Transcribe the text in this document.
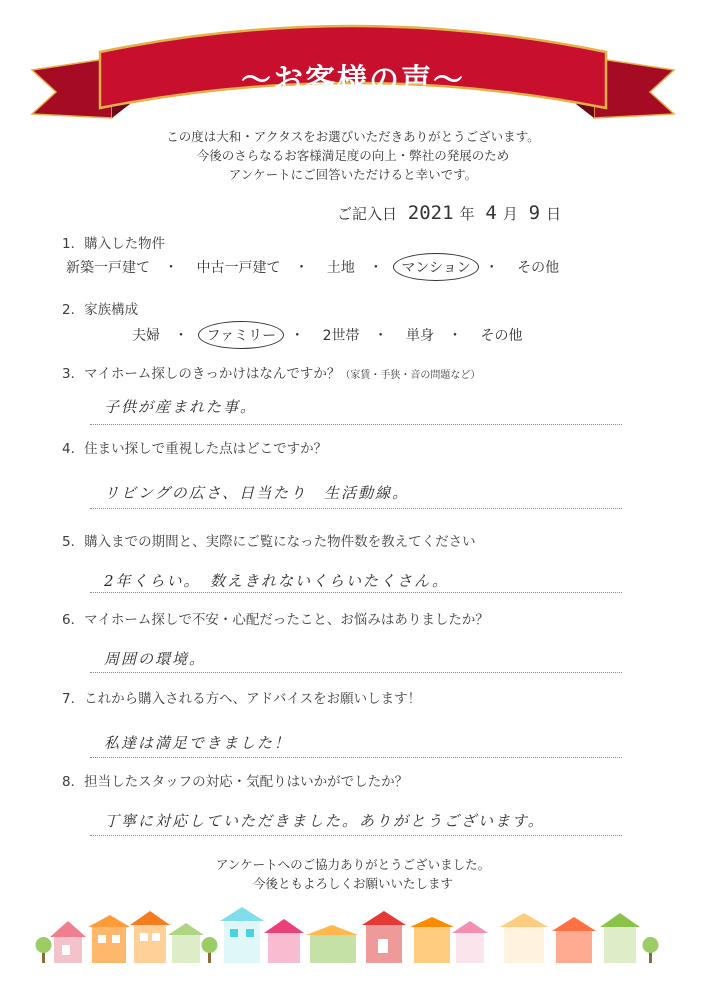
〜お客様の声〜
この度は大和・アクタスをお選びいただきありがとうございます。
今後のさらなるお客様満足度の向上・弊社の発展のため
アンケートにご回答いただけると幸いです。
ご記入日 2021 年 4 月 9 日
1．購入した物件
新築一戸建て ・ 中古一戸建て ・ 土地 ・ マンション ・ その他
2．家族構成
夫婦 ・ ファミリー ・ 2世帯 ・ 単身 ・ その他
3．マイホーム探しのきっかけはなんですか？（家賃・手狭・音の問題など）
子供が産まれた事。
4．住まい探しで重視した点はどこですか？
リビングの広さ、日当たり　生活動線。
5．購入までの期間と、実際にご覧になった物件数を教えてください
2年くらい。　数えきれないくらいたくさん。
6．マイホーム探しで不安・心配だったこと、お悩みはありましたか？
周囲の環境。
7．これから購入される方へ、アドバイスをお願いします！
私達は満足できました！
8．担当したスタッフの対応・気配りはいかがでしたか？
丁寧に対応していただきました。ありがとうございます。
アンケートへのご協力ありがとうございました。
今後ともよろしくお願いいたします
